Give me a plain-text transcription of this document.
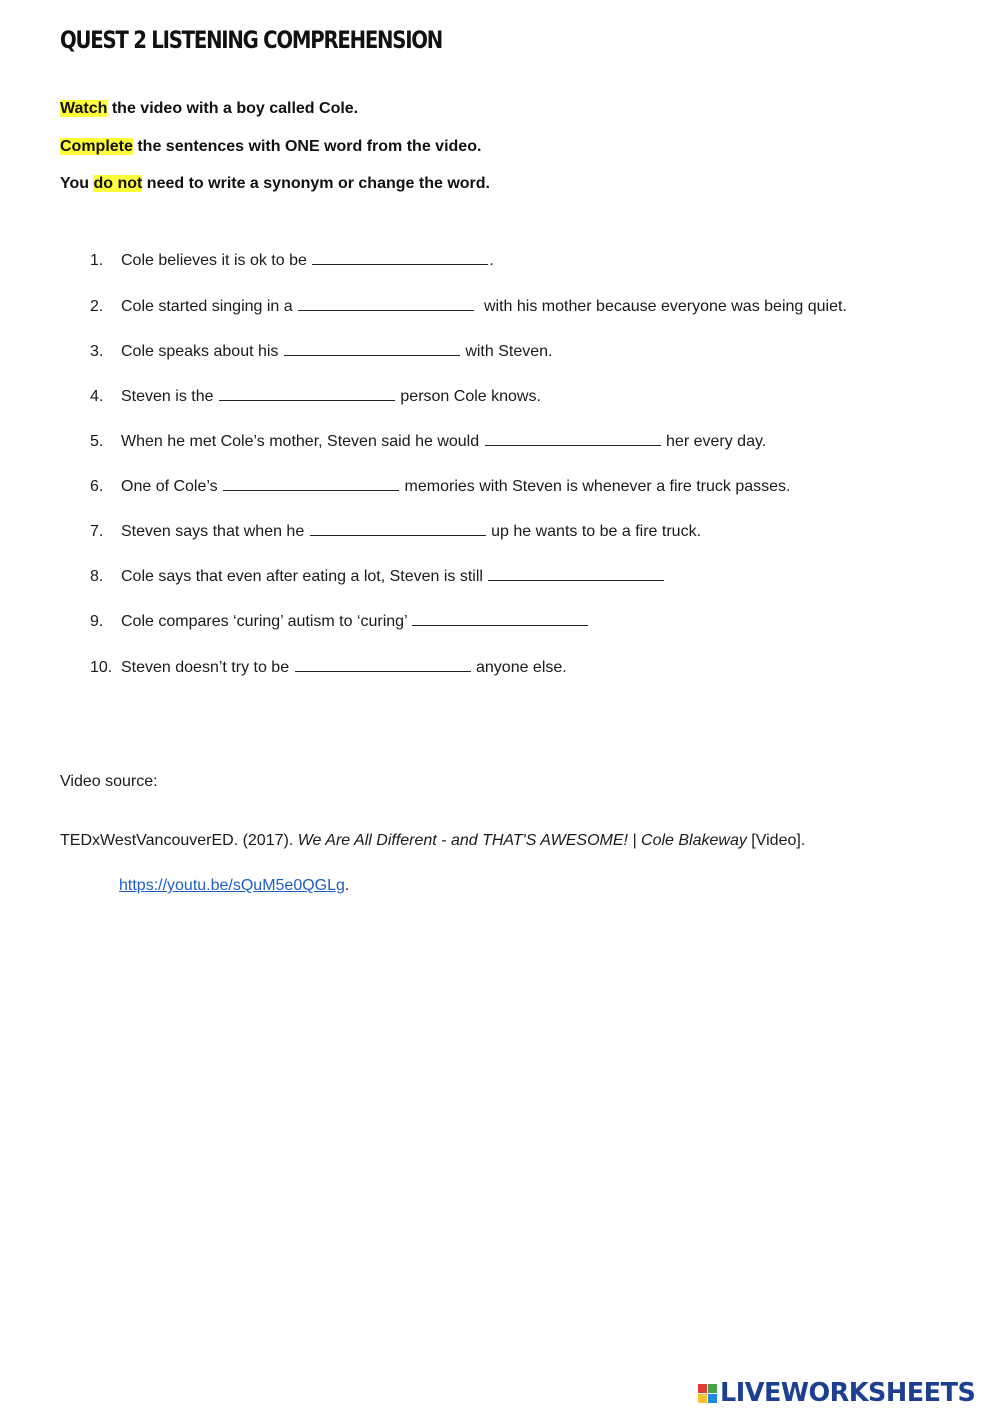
QUEST 2 LISTENING COMPREHENSION
Watch the video with a boy called Cole.
Complete the sentences with ONE word from the video.
You do not need to write a synonym or change the word.
1. Cole believes it is ok to be	.
2. Cole started singing in a	with his mother because everyone was being quiet.
3. Cole speaks about his	with Steven.
4. Steven is the	person Cole knows.
5. When he met Cole’s mother, Steven said he would	her every day.
6. One of Cole’s	memories with Steven is whenever a fire truck passes.
7. Steven says that when he	up he wants to be a fire truck.
8. Cole says that even after eating a lot, Steven is still
9. Cole compares ‘curing’ autism to ‘curing’
10. Steven doesn’t try to be	anyone else.
Video source:
TEDxWestVancouverED. (2017). We Are All Different - and THAT'S AWESOME! | Cole Blakeway [Video].
https://youtu.be/sQuM5e0QGLg.
LIVEWORKSHEETS
